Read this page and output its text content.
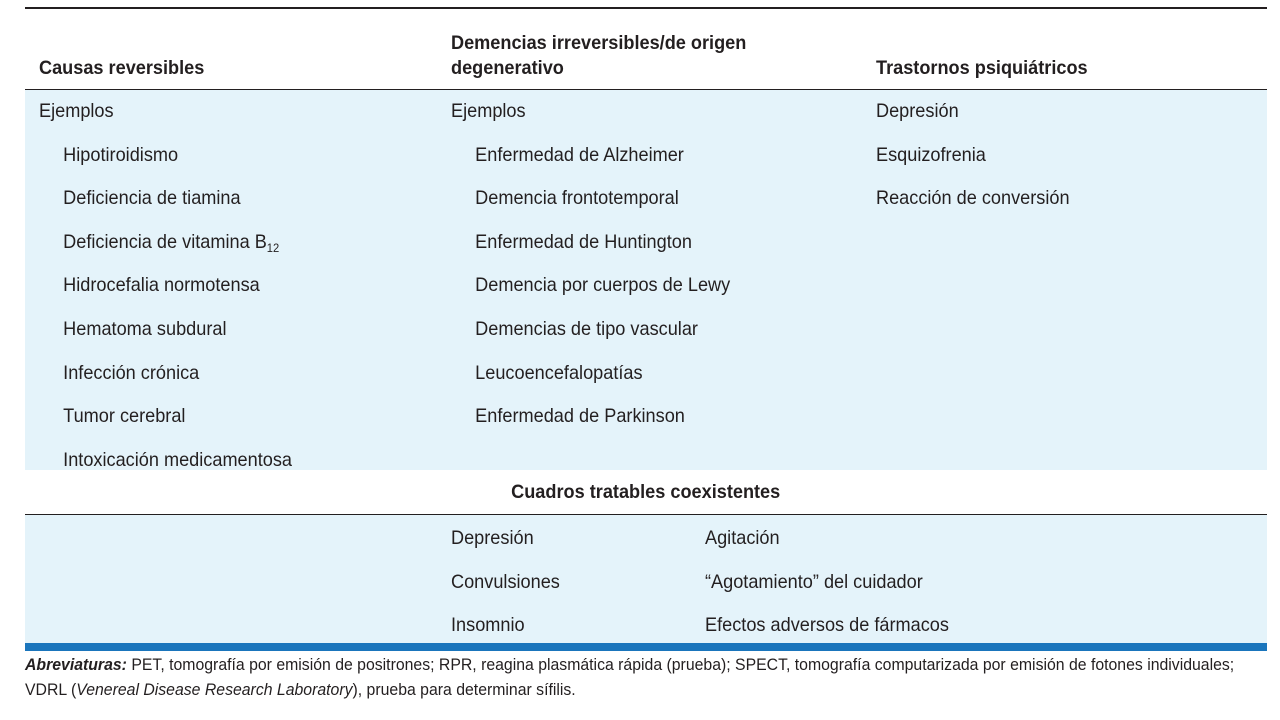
Causas reversibles
Demencias irreversibles/de origen
degenerativo	Trastornos psiquiátricos
Ejemplos
Hipotiroidismo
Deficiencia de tiamina
Deficiencia de vitamina $B_{12}$
Hidrocefalia normotensa
Hematoma subdural
Infección crónica
Tumor cerebral
Intoxicación medicamentosa
Ejemplos
Enfermedad de Alzheimer
Demencia frontotemporal
Enfermedad de Huntington
Demencia por cuerpos de Lewy
Demencias de tipo vascular
Leucoencefalopatías
Enfermedad de Parkinson
Depresión
Esquizofrenia
Reacción de conversión
Cuadros tratables coexistentes
Depresión
Convulsiones
Insomnio
Agitación
“Agotamiento” del cuidador
Efectos adversos de fármacos
Abreviaturas: PET, tomografía por emisión de positrones; RPR, reagina plasmática rápida (prueba); SPECT, tomografía computarizada por emisión de fotones individuales; VDRL (Venereal Disease Research Laboratory), prueba para determinar sífilis.
